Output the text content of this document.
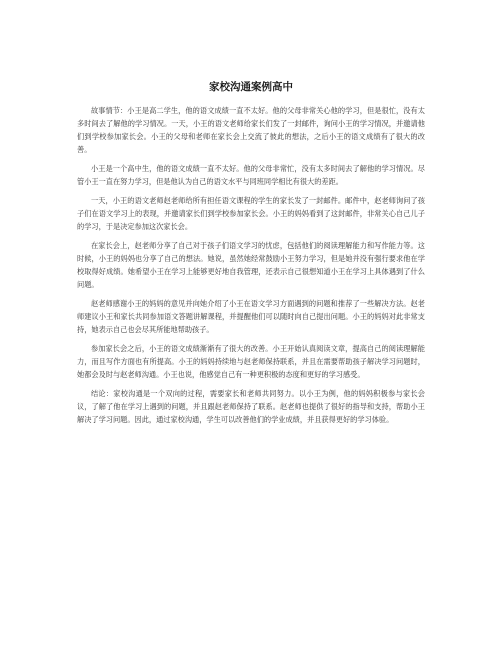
家校沟通案例高中

故事情节：小王是高二学生，他的语文成绩一直不太好。他的父母非常关心他的学习，但是很忙，没有太多时间去了解他的学习情况。一天，小王的语文老师给家长们发了一封邮件，询问小王的学习情况，并邀请他们到学校参加家长会。小王的父母和老师在家长会上交流了彼此的想法，之后小王的语文成绩有了很大的改善。

小王是一个高中生，他的语文成绩一直不太好。他的父母非常忙，没有太多时间去了解他的学习情况。尽管小王一直在努力学习，但是他认为自己的语文水平与同班同学相比有很大的差距。

一天，小王的语文老师赵老师给所有担任语文课程的学生的家长发了一封邮件。邮件中，赵老师询问了孩子们在语文学习上的表现，并邀请家长们到学校参加家长会。小王的妈妈看到了这封邮件，非常关心自己儿子的学习，于是决定参加这次家长会。

在家长会上，赵老师分享了自己对于孩子们语文学习的忧虑，包括他们的阅读理解能力和写作能力等。这时候，小王的妈妈也分享了自己的想法。她说，虽然她经常鼓励小王努力学习，但是她并没有强行要求他在学校取得好成绩。她希望小王在学习上能够更好地自我管理，还表示自己很想知道小王在学习上具体遇到了什么问题。

赵老师感谢小王的妈妈的意见并向她介绍了小王在语文学习方面遇到的问题和推荐了一些解决方法。赵老师建议小王和家长共同参加语文答题讲解课程，并提醒他们可以随时向自己提出问题。小王的妈妈对此非常支持，她表示自己也会尽其所能地帮助孩子。

参加家长会之后，小王的语文成绩渐渐有了很大的改善。小王开始认真阅读文章，提高自己的阅读理解能力，而且写作方面也有所提高。小王的妈妈持续地与赵老师保持联系，并且在需要帮助孩子解决学习问题时，她都会及时与赵老师沟通。小王也说，他感觉自己有一种更积极的态度和更好的学习感受。

结论：家校沟通是一个双向的过程，需要家长和老师共同努力。以小王为例，他的妈妈积极参与家长会议，了解了他在学习上遇到的问题，并且跟赵老师保持了联系。赵老师也提供了很好的指导和支持，帮助小王解决了学习问题。因此，通过家校沟通，学生可以改善他们的学业成绩，并且获得更好的学习体验。
